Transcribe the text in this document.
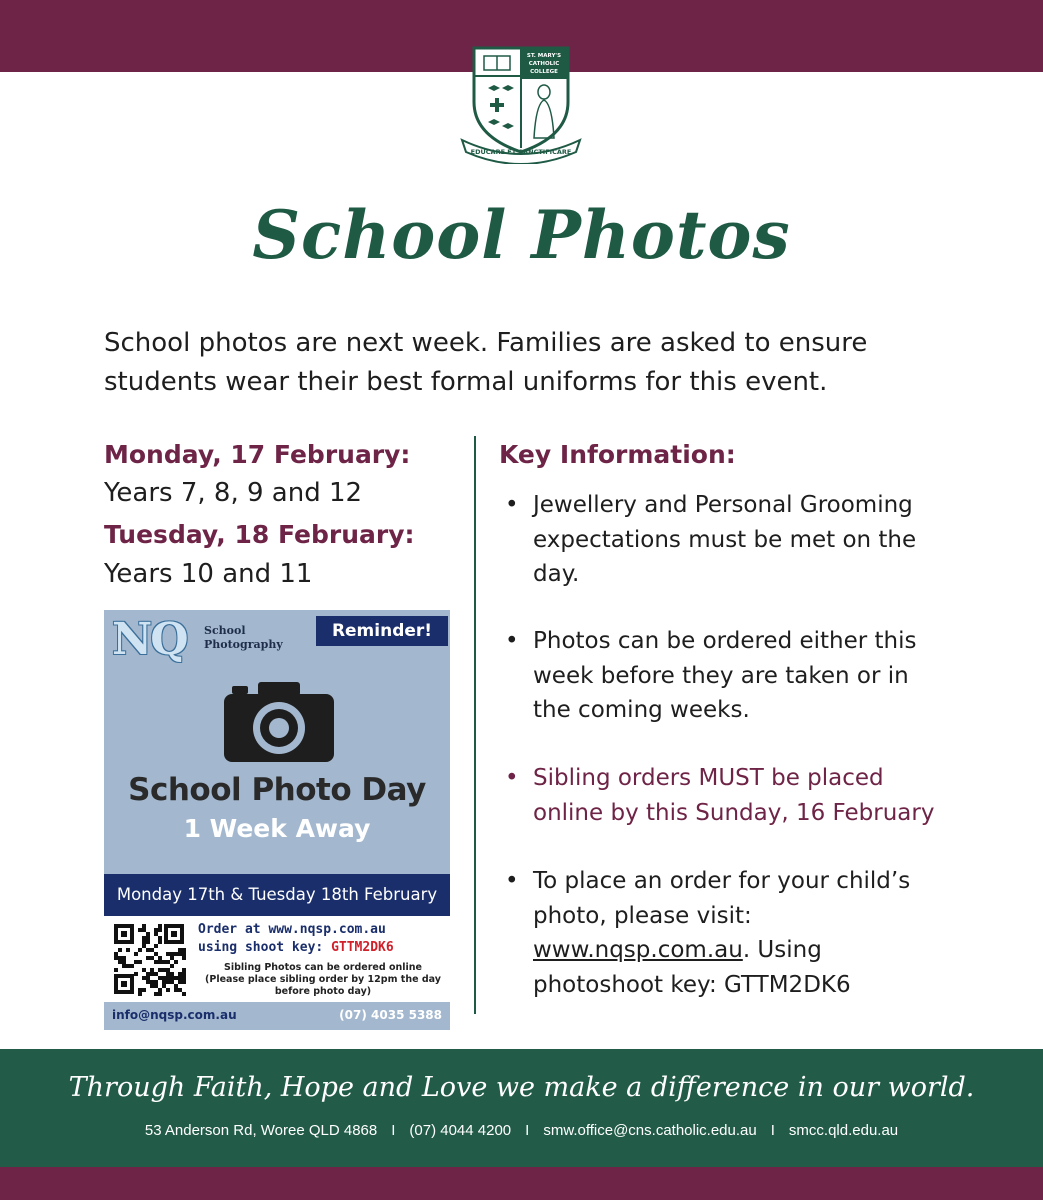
ST. MARY'S
CATHOLIC
COLLEGE
EDUCARE ET SANCTIFICARE
School Photos

School photos are next week. Families are asked to ensure students wear their best formal uniforms for this event.

Monday, 17 February:
Years 7, 8, 9 and 12
Tuesday, 18 February:
Years 10 and 11
NQ School Photography
Reminder!
School Photo Day
1 Week Away
Monday 17th & Tuesday 18th February
Order at www.nqsp.com.au
using shoot key: GTTM2DK6
Sibling Photos can be ordered online (Please place sibling order by 12pm the day before photo day)
info@nqsp.com.au	(07) 4035 5388
Key Information:
• Jewellery and Personal Grooming expectations must be met on the day.
• Photos can be ordered either this week before they are taken or in the coming weeks.
• Sibling orders MUST be placed online by this Sunday, 16 February
• To place an order for your child’s photo, please visit: www.nqsp.com.au. Using photoshoot key: GTTM2DK6
Through Faith, Hope and Love we make a difference in our world.
53 Anderson Rd, Woree QLD 4868 I (07) 4044 4200 I smw.office@cns.catholic.edu.au I smcc.qld.edu.au
